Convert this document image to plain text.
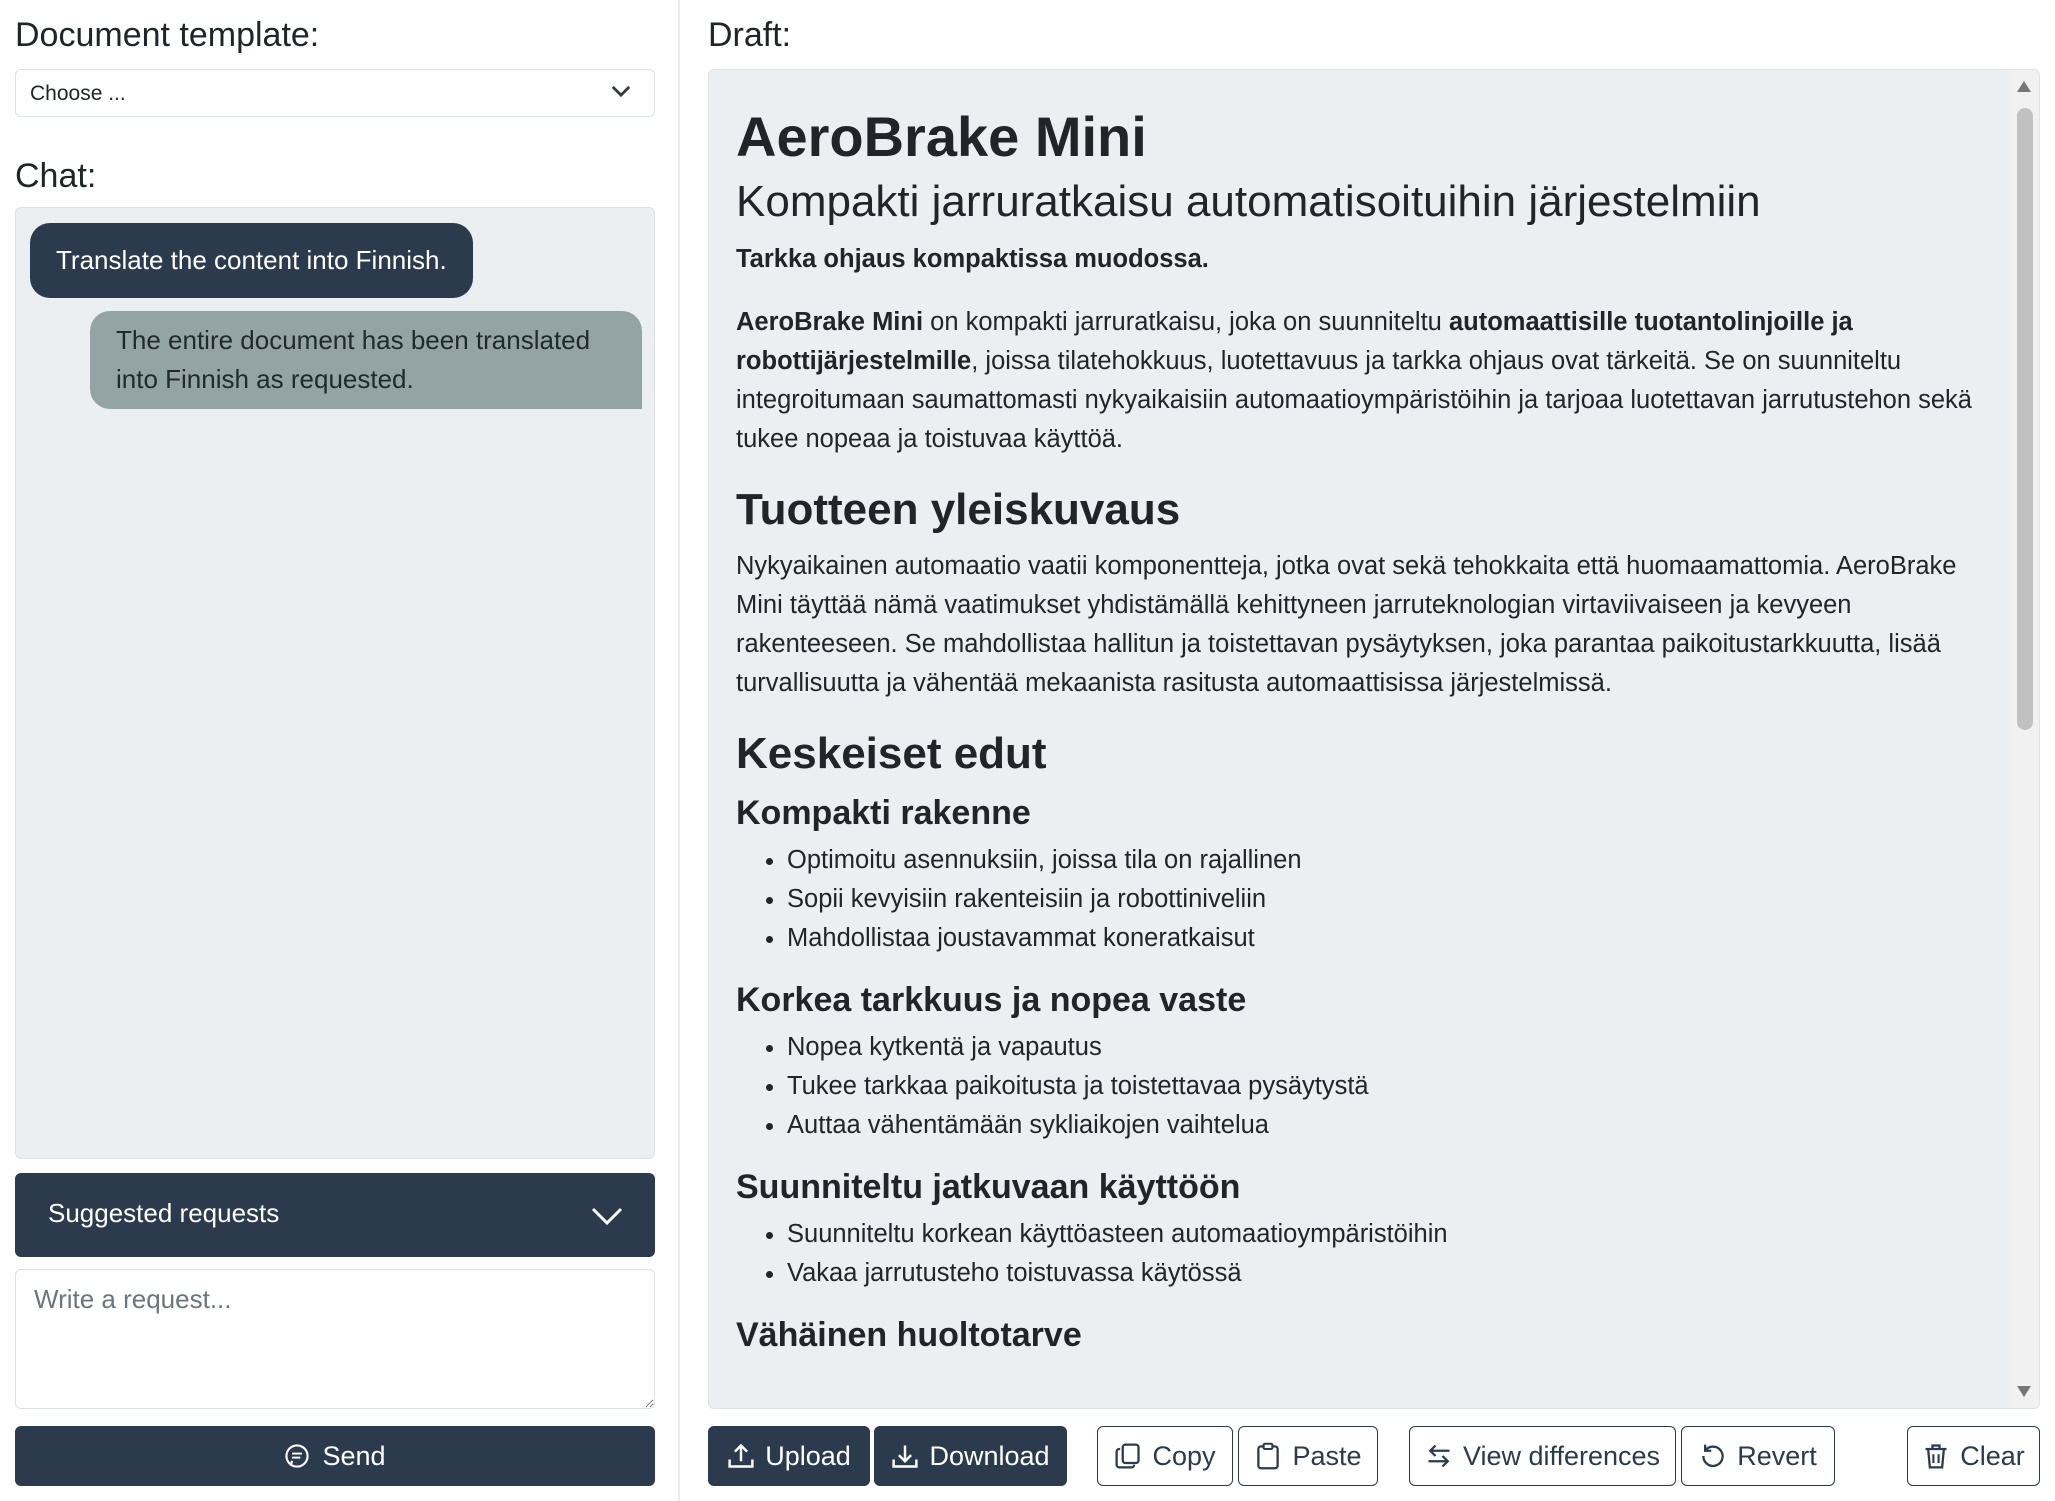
Document template:
Choose ...
Chat:
Translate the content into Finnish.
The entire document has been translated into Finnish as requested.
Suggested requests
Write a request...
Send
Draft:
AeroBrake Mini
Kompakti jarruratkaisu automatisoituihin järjestelmiin

Tarkka ohjaus kompaktissa muodossa.

AeroBrake Mini on kompakti jarruratkaisu, joka on suunniteltu automaattisille tuotantolinjoille ja robottijärjestelmille, joissa tilatehokkuus, luotettavuus ja tarkka ohjaus ovat tärkeitä. Se on suunniteltu integroitumaan saumattomasti nykyaikaisiin automaatioympäristöihin ja tarjoaa luotettavan jarrutustehon sekä tukee nopeaa ja toistuvaa käyttöä.

Tuotteen yleiskuvaus

Nykyaikainen automaatio vaatii komponentteja, jotka ovat sekä tehokkaita että huomaamattomia. AeroBrake Mini täyttää nämä vaatimukset yhdistämällä kehittyneen jarruteknologian virtaviivaiseen ja kevyeen rakenteeseen. Se mahdollistaa hallitun ja toistettavan pysäytyksen, joka parantaa paikoitustarkkuutta, lisää turvallisuutta ja vähentää mekaanista rasitusta automaattisissa järjestelmissä.

Keskeiset edut
Kompakti rakenne
• Optimoitu asennuksiin, joissa tila on rajallinen
• Sopii kevyisiin rakenteisiin ja robottiniveliin
• Mahdollistaa joustavammat koneratkaisut
Korkea tarkkuus ja nopea vaste
• Nopea kytkentä ja vapautus
• Tukee tarkkaa paikoitusta ja toistettavaa pysäytystä
• Auttaa vähentämään sykliaikojen vaihtelua
Suunniteltu jatkuvaan käyttöön
• Suunniteltu korkean käyttöasteen automaatioympäristöihin
• Vakaa jarrutusteho toistuvassa käytössä
Vähäinen huoltotarve
Upload	Download	Copy	Paste	View differences	Revert	Clear
